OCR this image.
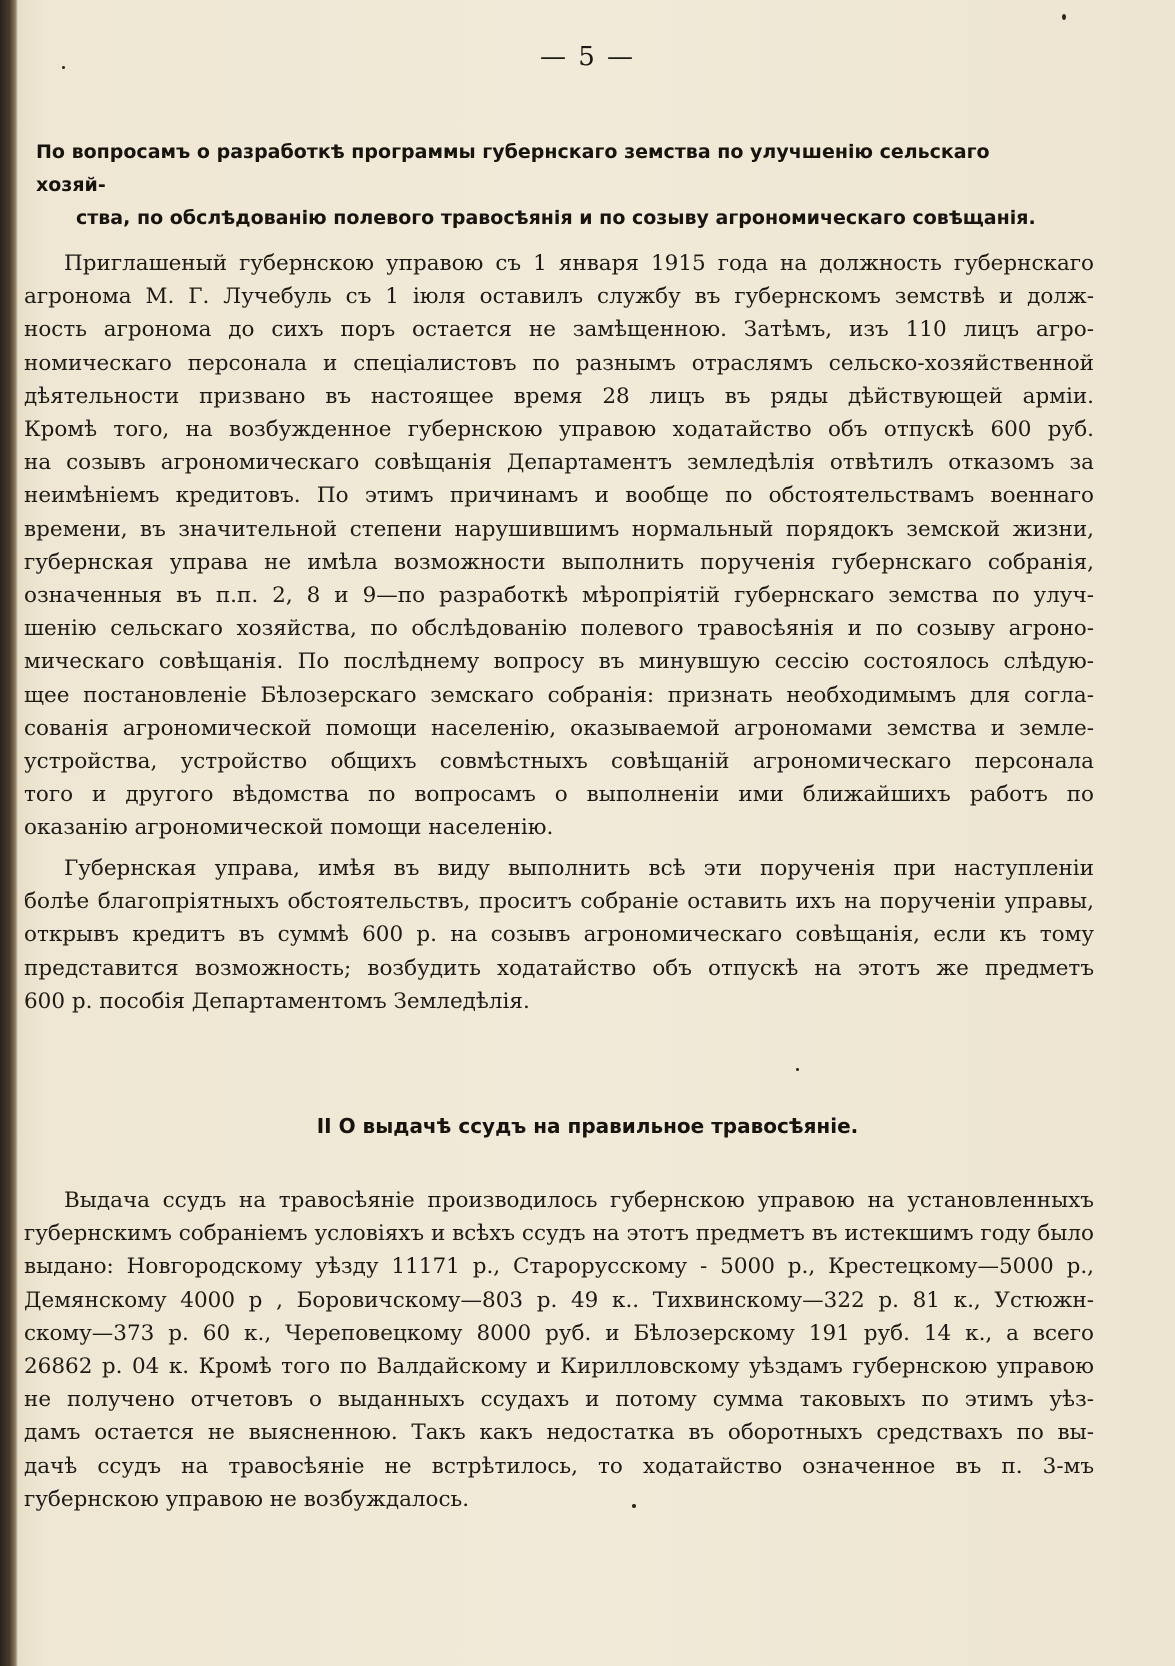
— 5 —
По вопросамъ о разработкѣ программы губернскаго земства по улучшенію сельскаго хозяй-
ства, по обслѣдованію полевого травосѣянія и по созыву агрономическаго совѣщанія.
Приглашеный губернскою управою съ 1 января 1915 года на должность губернскаго
агронома М. Г. Лучебуль съ 1 іюля оставилъ службу въ губернскомъ земствѣ и долж-
ность агронома до сихъ поръ остается не замѣщенною. Затѣмъ, изъ 110 лицъ агро-
номическаго персонала и спеціалистовъ по разнымъ отраслямъ сельско-хозяйственной
дѣятельности призвано въ настоящее время 28 лицъ въ ряды дѣйствующей арміи.
Кромѣ того, на возбужденное губернскою управою ходатайство объ отпускѣ 600 руб.
на созывъ агрономическаго совѣщанія Департаментъ земледѣлія отвѣтилъ отказомъ за
неимѣніемъ кредитовъ. По этимъ причинамъ и вообще по обстоятельствамъ военнаго
времени, въ значительной степени нарушившимъ нормальный порядокъ земской жизни,
губернская управа не имѣла возможности выполнить порученія губернскаго собранія,
означенныя въ п.п. 2, 8 и 9—по разработкѣ мѣропріятій губернскаго земства по улуч-
шенію сельскаго хозяйства, по обслѣдованію полевого травосѣянія и по созыву агроно-
мическаго совѣщанія. По послѣднему вопросу въ минувшую сессію состоялось слѣдую-
щее постановленіе Бѣлозерскаго земскаго собранія: признать необходимымъ для согла-
сованія агрономической помощи населенію, оказываемой агрономами земства и земле-
устройства, устройство общихъ совмѣстныхъ совѣщаній агрономическаго персонала
того и другого вѣдомства по вопросамъ о выполненіи ими ближайшихъ работъ по
оказанію агрономической помощи населенію.
Губернская управа, имѣя въ виду выполнить всѣ эти порученія при наступленіи
болѣе благопріятныхъ обстоятельствъ, проситъ собраніе оставить ихъ на порученіи управы,
открывъ кредитъ въ суммѣ 600 р. на созывъ агрономическаго совѣщанія, если къ тому
представится возможность; возбудить ходатайство объ отпускѣ на этотъ же предметъ
600 р. пособія Департаментомъ Земледѣлія.
II О выдачѣ ссудъ на правильное травосѣяніе.
Выдача ссудъ на травосѣяніе производилось губернскою управою на установленныхъ
губернскимъ собраніемъ условіяхъ и всѣхъ ссудъ на этотъ предметъ въ истекшимъ году было
выдано: Новгородскому уѣзду 11171 р., Старорусскому - 5000 р., Крестецкому—5000 р.,
Демянскому 4000 р , Боровичскому—803 р. 49 к.. Тихвинскому—322 р. 81 к., Устюжн-
скому—373 р. 60 к., Череповецкому 8000 руб. и Бѣлозерскому 191 руб. 14 к., а всего
26862 р. 04 к. Кромѣ того по Валдайскому и Кирилловскому уѣздамъ губернскою управою
не получено отчетовъ о выданныхъ ссудахъ и потому сумма таковыхъ по этимъ уѣз-
дамъ остается не выясненною. Такъ какъ недостатка въ оборотныхъ средствахъ по вы-
дачѣ ссудъ на травосѣяніе не встрѣтилось, то ходатайство означенное въ п. 3-мъ
губернскою управою не возбуждалось.
